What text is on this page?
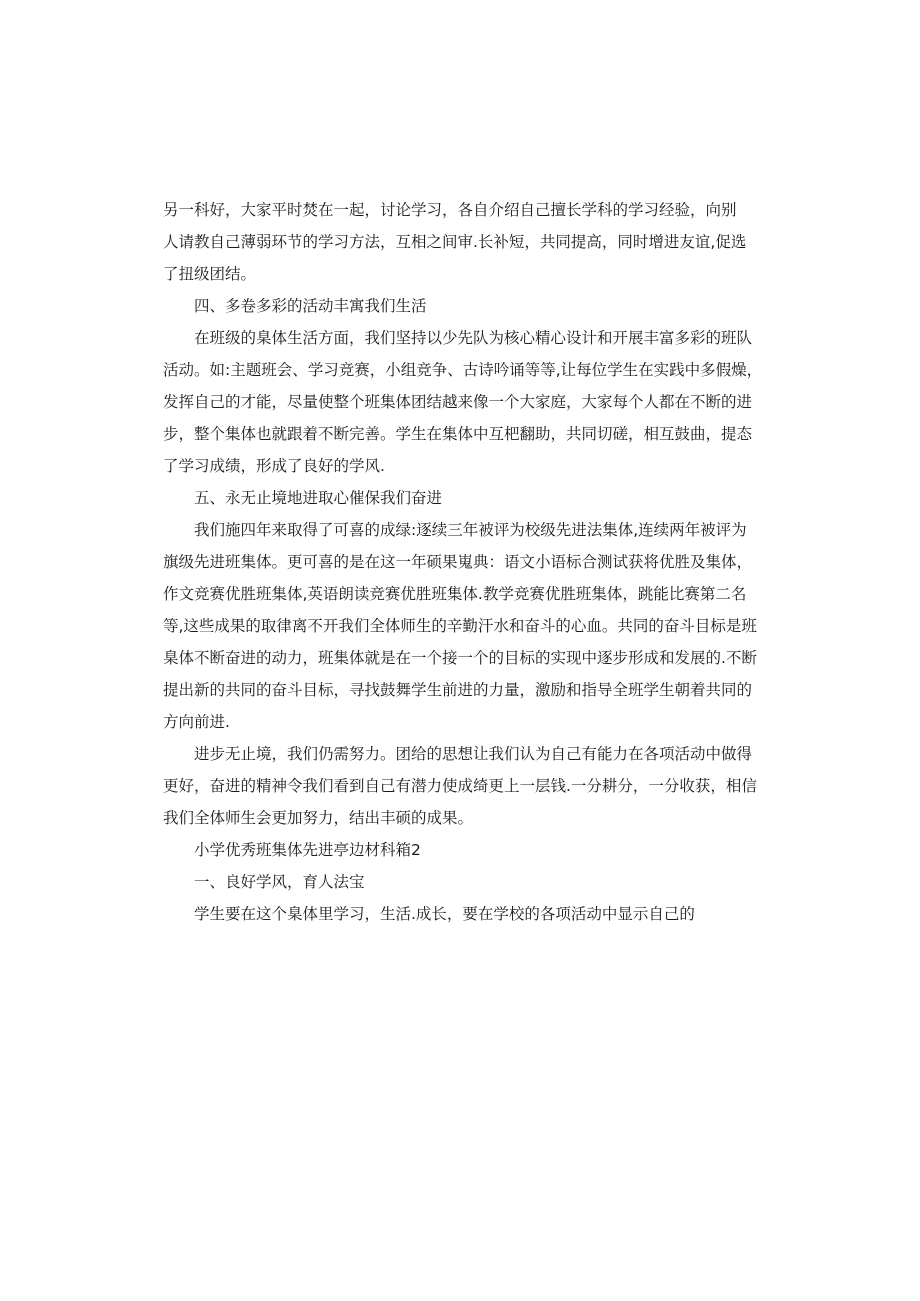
另一科好，大家平时焚在一起，讨论学习，各自介绍自己擅长学科的学习经验，向别
人请教自己薄弱环节的学习方法，互相之间审.长补短，共同提高，同时增进友谊,促选
了扭级团结。
四、多卷多彩的活动丰寓我们生活
在班级的臬体生活方面，我们坚持以少先队为核心精心设计和开展丰富多彩的班队
活动。如:主题班会、学习竞赛，小组竞争、古诗吟诵等等,让每位学生在实践中多假燥，
发挥自己的才能，尽量使整个班集体团结越来像一个大家庭，大家每个人都在不断的进
步，整个集体也就跟着不断完善。学生在集体中互杷翻助，共同切磋，相互鼓曲，提态
了学习成绩，形成了良好的学风.
五、永无止境地进取心催保我们奋进
我们施四年来取得了可喜的成绿:逐续三年被评为校级先进法集体,连续两年被评为
旗级先进班集体。更可喜的是在这一年硕果嵬典：语文小语标合测试获将优胜及集体，
作文竞赛优胜班集体,英语朗读竞赛优胜班集体.教学竞赛优胜班集体，跳能比赛第二名
等,这些成果的取律离不开我们全体师生的辛勤汗水和奋斗的心血。共同的奋斗目标是班
臬体不断奋进的动力，班集体就是在一个接一个的目标的实现中逐步形成和发展的.不断
提出新的共同的奋斗目标，寻找鼓舞学生前进的力量，激励和指导全班学生朝着共同的
方向前进.
进步无止境，我们仍需努力。团给的思想让我们认为自己有能力在各项活动中做得
更好，奋进的精神令我们看到自己有潜力使成绮更上一层钱.一分耕分，一分收获，相信
我们全体师生会更加努力，结出丰硕的成果。
小学优秀班集体先进亭边材科箱2
一、良好学风，育人法宝
学生要在这个臬体里学习，生活.成长，要在学校的各项活动中显示自己的
